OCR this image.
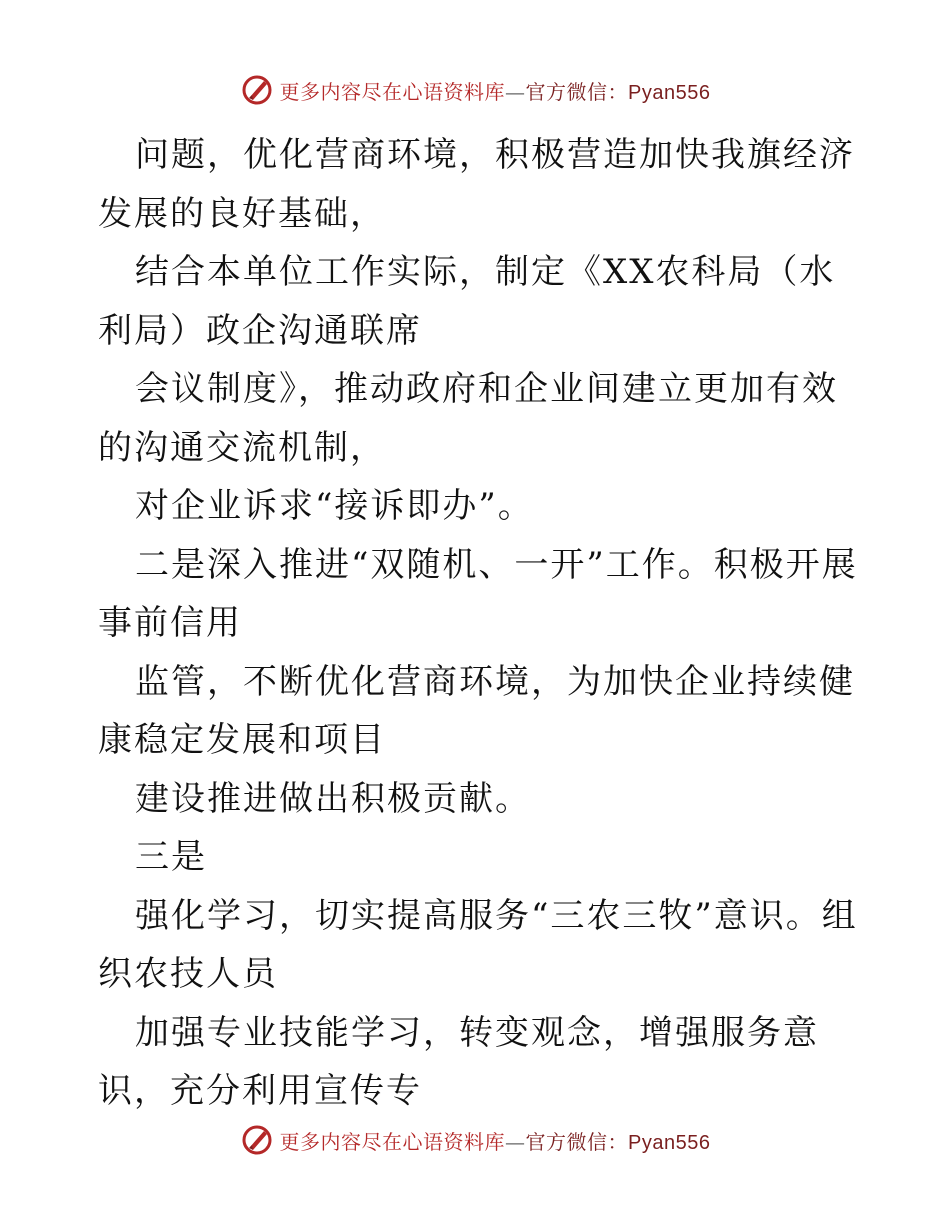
更多内容尽在心语资料库—官方微信：Pyan556

问题，优化营商环境，积极营造加快我旗经济发展的良好基础，

结合本单位工作实际，制定《XX农科局（水利局）政企沟通联席

会议制度》，推动政府和企业间建立更加有效的沟通交流机制，

对企业诉求“接诉即办”。

二是深入推进“双随机、一开”工作。积极开展事前信用

监管，不断优化营商环境，为加快企业持续健康稳定发展和项目

建设推进做出积极贡献。

三是

强化学习，切实提高服务“三农三牧”意识。组织农技人员

加强专业技能学习，转变观念，增强服务意识，充分利用宣传专

更多内容尽在心语资料库—官方微信：Pyan556
